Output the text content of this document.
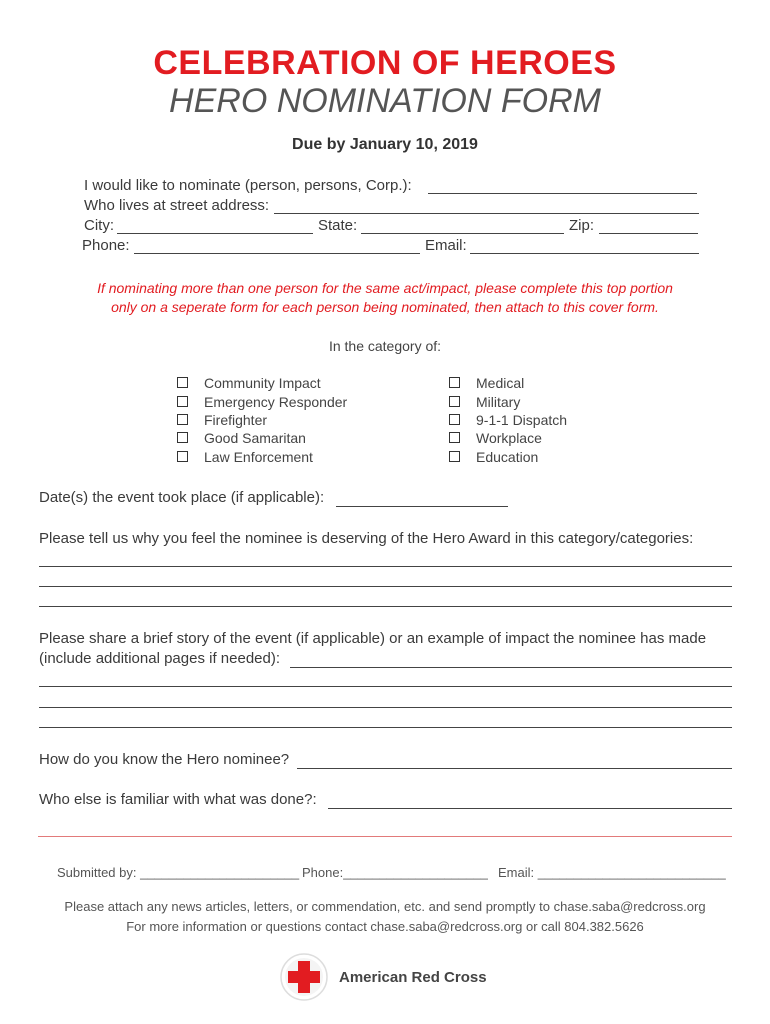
CELEBRATION OF HEROES
HERO NOMINATION FORM
Due by January 10, 2019
I would like to nominate (person, persons, Corp.):
Who lives at street address:
City:	State:	Zip:
Phone:	Email:
If nominating more than one person for the same act/impact, please complete this top portion
only on a seperate form for each person being nominated, then attach to this cover form.
In the category of:
Community Impact
Emergency Responder
Firefighter
Good Samaritan
Law Enforcement
Medical
Military
9-1-1 Dispatch
Workplace
Education
Date(s) the event took place (if applicable):
Please tell us why you feel the nominee is deserving of the Hero Award in this category/categories:
Please share a brief story of the event (if applicable) or an example of impact the nominee has made
(include additional pages if needed):
How do you know the Hero nominee?
Who else is familiar with what was done?:
Submitted by: ______________________ Phone:____________________ Email: __________________________
Please attach any news articles, letters, or commendation, etc. and send promptly to chase.saba@redcross.org
For more information or questions contact chase.saba@redcross.org or call 804.382.5626
American Red Cross
